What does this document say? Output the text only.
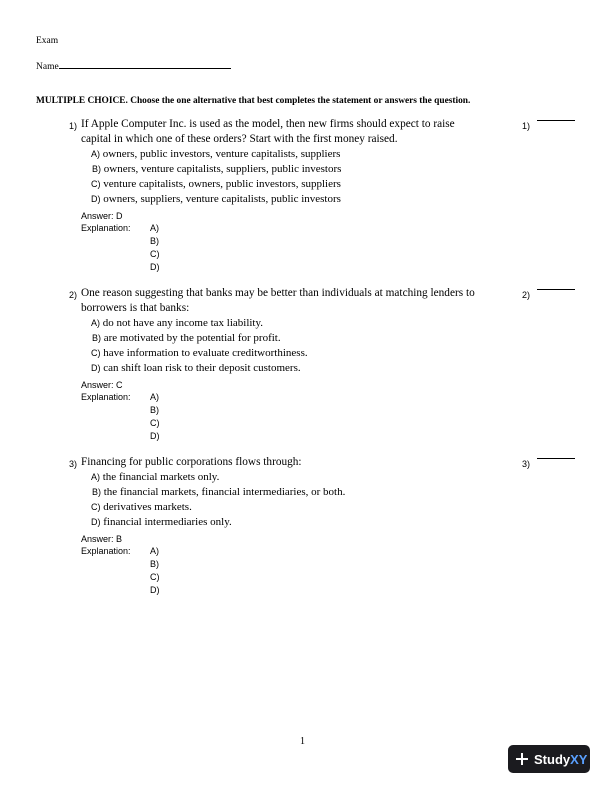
Exam
Name
MULTIPLE CHOICE. Choose the one alternative that best completes the statement or answers the question.
1) If Apple Computer Inc. is used as the model, then new firms should expect to raise
capital in which one of these orders? Start with the first money raised.
A) owners, public investors, venture capitalists, suppliers
B) owners, venture capitalists, suppliers, public investors
C) venture capitalists, owners, public investors, suppliers
D) owners, suppliers, venture capitalists, public investors
Answer: D
Explanation: A)
B)
C)
D)
1)
2) One reason suggesting that banks may be better than individuals at matching lenders to
borrowers is that banks:
A) do not have any income tax liability.
B) are motivated by the potential for profit.
C) have information to evaluate creditworthiness.
D) can shift loan risk to their deposit customers.
Answer: C
Explanation: A)
B)
C)
D)
2)
3) Financing for public corporations flows through:
A) the financial markets only.
B) the financial markets, financial intermediaries, or both.
C) derivatives markets.
D) financial intermediaries only.
Answer: B
Explanation: A)
B)
C)
D)
3)
1
StudyXY
